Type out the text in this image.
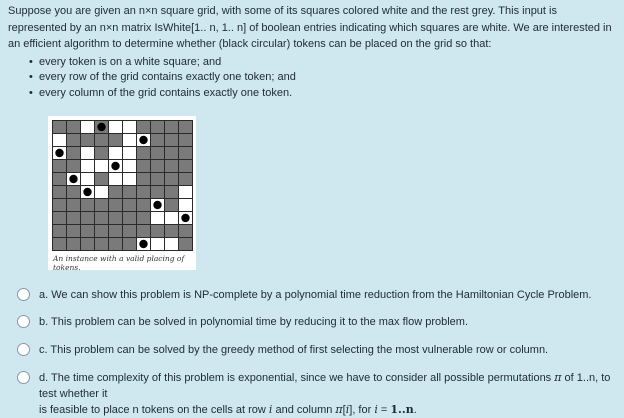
Suppose you are given an n×n square grid, with some of its squares colored white and the rest grey. This input is represented by an n×n matrix IsWhite[1.. n, 1.. n] of boolean entries indicating which squares are white. We are interested in an efficient algorithm to determine whether (black circular) tokens can be placed on the grid so that:

• every token is on a white square; and
• every row of the grid contains exactly one token; and
• every column of the grid contains exactly one token.
An instance with a valid placing of tokens.
a. We can show this problem is NP-complete by a polynomial time reduction from the Hamiltonian Cycle Problem.
b. This problem can be solved in polynomial time by reducing it to the max flow problem.
c. This problem can be solved by the greedy method of first selecting the most vulnerable row or column.
d. The time complexity of this problem is exponential, since we have to consider all possible permutations π of 1..n, to test whether it
is feasible to place n tokens on the cells at row i and column π[i], for i = 1..n.
